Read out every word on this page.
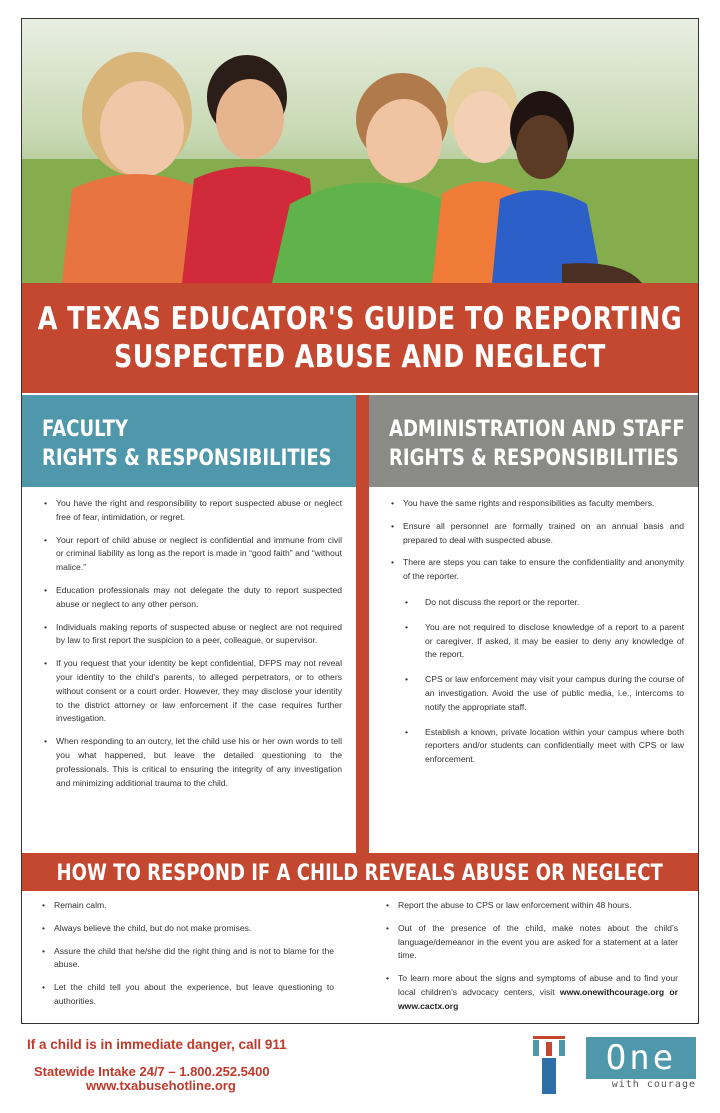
A TEXAS EDUCATOR'S GUIDE TO REPORTING
SUSPECTED ABUSE AND NEGLECT
FACULTY
RIGHTS & RESPONSIBILITIES
ADMINISTRATION AND STAFF
RIGHTS & RESPONSIBILITIES
• You have the right and responsibility to report suspected abuse or neglect free of fear, intimidation, or regret.
• Your report of child abuse or neglect is confidential and immune from civil or criminal liability as long as the report is made in “good faith” and “without malice.”
• Education professionals may not delegate the duty to report suspected abuse or neglect to any other person.
• Individuals making reports of suspected abuse or neglect are not required by law to first report the suspicion to a peer, colleague, or supervisor.
• If you request that your identity be kept confidential, DFPS may not reveal your identity to the child’s parents, to alleged perpetrators, or to others without consent or a court order. However, they may disclose your identity to the district attorney or law enforcement if the case requires further investigation.
• When responding to an outcry, let the child use his or her own words to tell you what happened, but leave the detailed questioning to the professionals. This is critical to ensuring the integrity of any investigation and minimizing additional trauma to the child.
• You have the same rights and responsibilities as faculty members.
• Ensure all personnel are formally trained on an annual basis and prepared to deal with suspected abuse.
• There are steps you can take to ensure the confidentiality and anonymity of the reporter.
• Do not discuss the report or the reporter.
• You are not required to disclose knowledge of a report to a parent or caregiver. If asked, it may be easier to deny any knowledge of the report.
• CPS or law enforcement may visit your campus during the course of an investigation. Avoid the use of public media, i.e., intercoms to notify the appropriate staff.
• Establish a known, private location within your campus where both reporters and/or students can confidentially meet with CPS or law enforcement.
HOW TO RESPOND IF A CHILD REVEALS ABUSE OR NEGLECT
• Remain calm.
• Always believe the child, but do not make promises.
• Assure the child that he/she did the right thing and is not to blame for the abuse.
• Let the child tell you about the experience, but leave questioning to authorities.
• Report the abuse to CPS or law enforcement within 48 hours.
• Out of the presence of the child, make notes about the child’s language/demeanor in the event you are asked for a statement at a later time.
• To learn more about the signs and symptoms of abuse and to find your local children’s advocacy centers, visit www.onewithcourage.org or www.cactx.org
If a child is in immediate danger, call 911
Statewide Intake 24/7 – 1.800.252.5400
www.txabusehotline.org
One
with courage
